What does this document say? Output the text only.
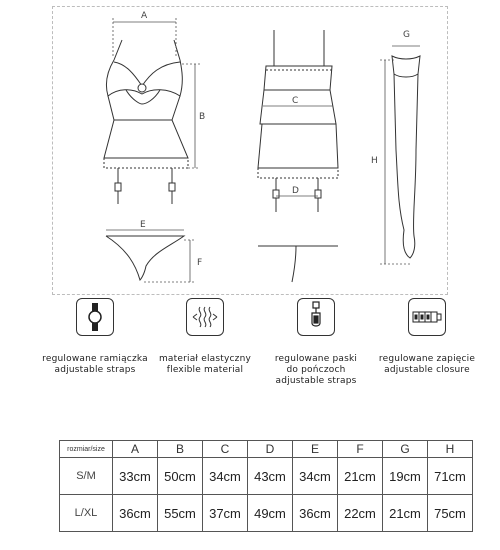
A
B
C
D
E
F
G
H
regulowane ramiączka
adjustable straps
materiał elastyczny
flexible material
regulowane paski
do pończoch
adjustable straps
regulowane zapięcie
adjustable closure
rozmiar/size	A	B	C	D	E	F	G	H
S/M	33cm	50cm	34cm	43cm	34cm	21cm	19cm	71cm
L/XL	36cm	55cm	37cm	49cm	36cm	22cm	21cm	75cm
